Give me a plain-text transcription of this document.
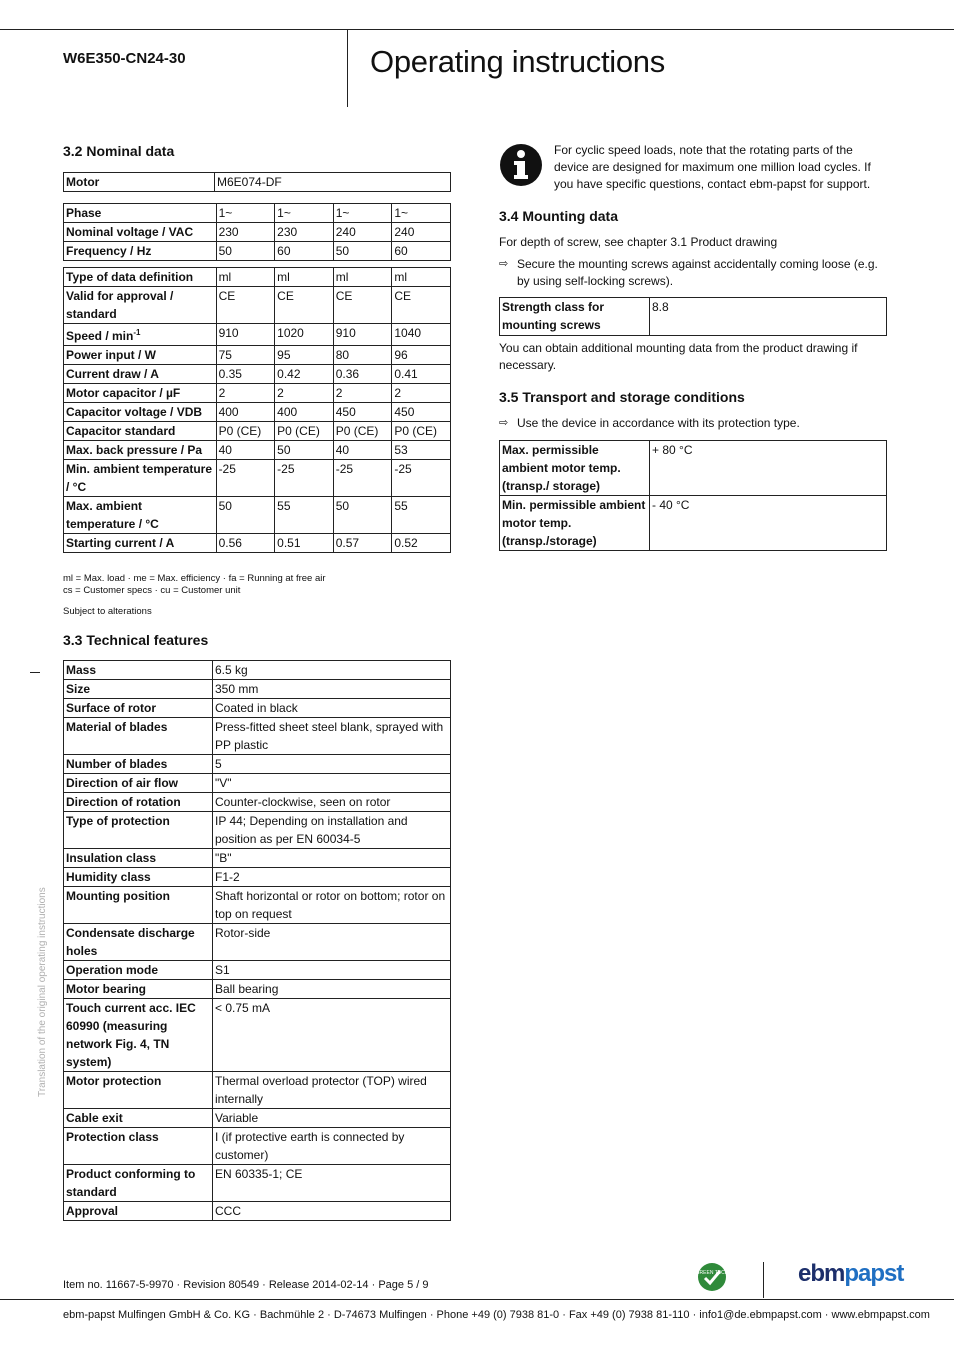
W6E350-CN24-30	Operating instructions
3.2 Nominal data
Motor	M6E074-DF
Phase	1~	1~	1~	1~
Nominal voltage / VAC	230	230	240	240
Frequency / Hz	50	60	50	60
Type of data definition	ml	ml	ml	ml
Valid for approval / standard	CE	CE	CE	CE
Speed / $\min^{-1}$	910	1020	910	1040
Power input / W	75	95	80	96
Current draw / A	0.35	0.42	0.36	0.41
Motor capacitor / µF	2	2	2	2
Capacitor voltage / VDB	400	400	450	450
Capacitor standard	P0 (CE)	P0 (CE)	P0 (CE)	P0 (CE)
Max. back pressure / Pa	40	50	40	53
Min. ambient temperature / °C	-25	-25	-25	-25
Max. ambient temperature / °C	50	55	50	55
Starting current / A	0.56	0.51	0.57	0.52
ml = Max. load · me = Max. efficiency · fa = Running at free air
cs = Customer specs · cu = Customer unit
Subject to alterations
3.3 Technical features
Mass	6.5 kg
Size	350 mm
Surface of rotor	Coated in black
Material of blades	Press-fitted sheet steel blank, sprayed with PP plastic
Number of blades	5
Direction of air flow	"V"
Direction of rotation	Counter-clockwise, seen on rotor
Type of protection	IP 44; Depending on installation and position as per EN 60034-5
Insulation class	"B"
Humidity class	F1-2
Mounting position	Shaft horizontal or rotor on bottom; rotor on top on request
Condensate discharge holes	Rotor-side
Operation mode	S1
Motor bearing	Ball bearing
Touch current acc. IEC 60990 (measuring network Fig. 4, TN system)	< 0.75 mA
Motor protection	Thermal overload protector (TOP) wired internally
Cable exit	Variable
Protection class	I (if protective earth is connected by customer)
Product conforming to standard	EN 60335-1; CE
Approval	CCC
For cyclic speed loads, note that the rotating parts of the device are designed for maximum one million load cycles. If you have specific questions, contact ebm-papst for support.
3.4 Mounting data
For depth of screw, see chapter 3.1 Product drawing
⇨ Secure the mounting screws against accidentally coming loose (e.g. by using self-locking screws).
Strength class for mounting screws	8.8
You can obtain additional mounting data from the product drawing if necessary.
3.5 Transport and storage conditions
⇨ Use the device in accordance with its protection type.
Max. permissible ambient motor temp. (transp./ storage)	+ 80 °C
Min. permissible ambient motor temp. (transp./storage)	- 40 °C
Translation of the original operating instructions
Item no. 11667-5-9970 · Revision 80549 · Release 2014-02-14 · Page 5 / 9
GREEN TECH	ebmpapst
ebm-papst Mulfingen GmbH & Co. KG · Bachmühle 2 · D-74673 Mulfingen · Phone +49 (0) 7938 81-0 · Fax +49 (0) 7938 81-110 · info1@de.ebmpapst.com · www.ebmpapst.com
